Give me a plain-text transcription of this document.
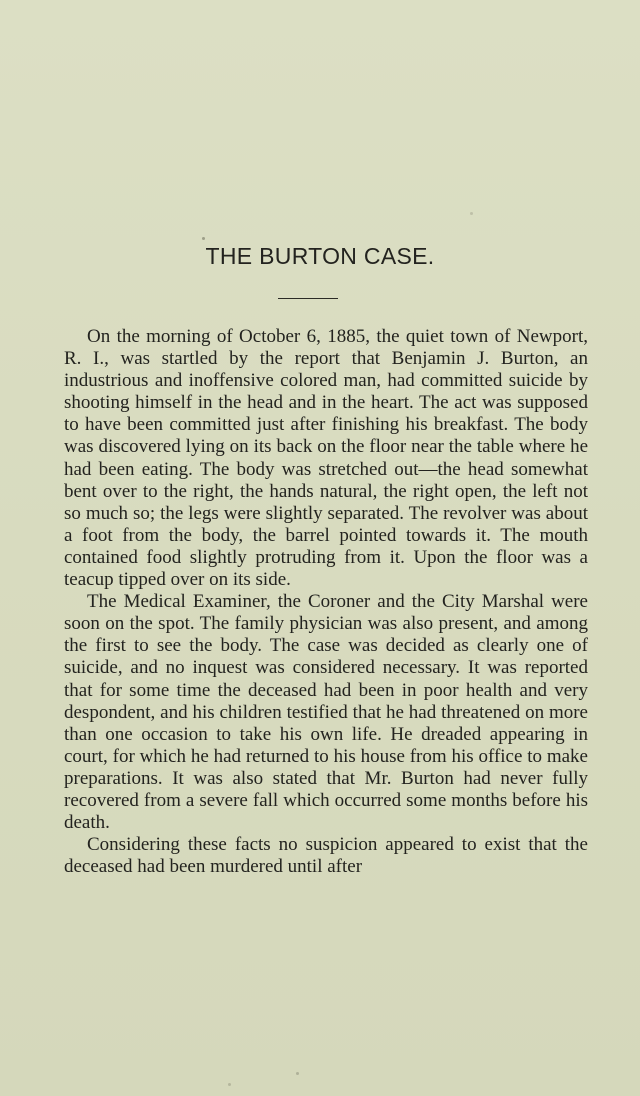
THE BURTON CASE.

On the morning of October 6, 1885, the quiet town of Newport, R. I., was startled by the report that Benjamin J. Burton, an industrious and inoffensive colored man, had committed suicide by shooting himself in the head and in the heart. The act was supposed to have been committed just after finishing his breakfast. The body was discovered lying on its back on the floor near the table where he had been eating. The body was stretched out—the head somewhat bent over to the right, the hands natural, the right open, the left not so much so; the legs were slightly separated. The revolver was about a foot from the body, the barrel pointed towards it. The mouth contained food slightly protruding from it. Upon the floor was a teacup tipped over on its side.

The Medical Examiner, the Coroner and the City Marshal were soon on the spot. The family physician was also present, and among the first to see the body. The case was decided as clearly one of suicide, and no inquest was considered necessary. It was reported that for some time the deceased had been in poor health and very despondent, and his children testified that he had threatened on more than one occasion to take his own life. He dreaded appearing in court, for which he had returned to his house from his office to make preparations. It was also stated that Mr. Burton had never fully recovered from a severe fall which occurred some months before his death.

Considering these facts no suspicion appeared to exist that the deceased had been murdered until after
